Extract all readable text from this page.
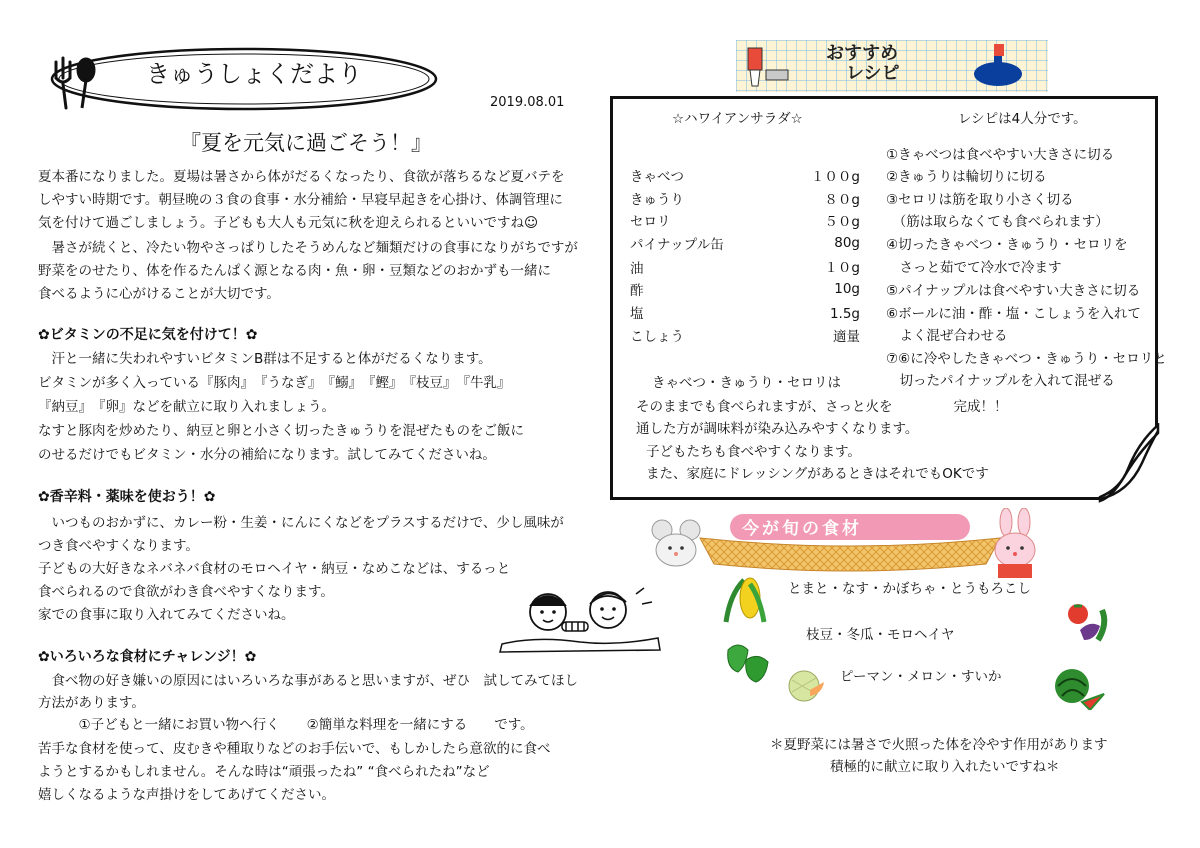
きゅうしょくだより
2019.08.01
『夏を元気に過ごそう！』
夏本番になりました。夏場は暑さから体がだるくなったり、食欲が落ちるなど夏バテを
しやすい時期です。朝昼晩の３食の食事・水分補給・早寝早起きを心掛け、体調管理に
気を付けて過ごしましょう。子どもも大人も元気に秋を迎えられるといいですね☺
　暑さが続くと、冷たい物やさっぱりしたそうめんなど麺類だけの食事になりがちですが
野菜をのせたり、体を作るたんぱく源となる肉・魚・卵・豆類などのおかずも一緒に
食べるように心がけることが大切です。
✿ビタミンの不足に気を付けて！✿
　汗と一緒に失われやすいビタミンB群は不足すると体がだるくなります。
ビタミンが多く入っている『豚肉』　『うなぎ』　『鰯』　『鰹』　『枝豆』　『牛乳』
『納豆』　『卵』などを献立に取り入れましょう。
なすと豚肉を炒めたり、納豆と卵と小さく切ったきゅうりを混ぜたものをご飯に
のせるだけでもビタミン・水分の補給になります。試してみてくださいね。
✿香辛料・薬味を使おう！✿
　いつものおかずに、カレー粉・生姜・にんにくなどをプラスするだけで、少し風味が
つき食べやすくなります。
子どもの大好きなネバネバ食材のモロヘイヤ・納豆・なめこなどは、するっと
食べられるので食欲がわき食べやすくなります。
家での食事に取り入れてみてくださいね。
✿いろいろな食材にチャレンジ！✿
　食べ物の好き嫌いの原因にはいろいろな事があると思いますが、ぜひ　試してみてほし
方法があります。
　　　①子どもと一緒にお買い物へ行く　　②簡単な料理を一緒にする　　です。
苦手な食材を使って、皮むきや種取りなどのお手伝いで、もしかしたら意欲的に食べ
ようとするかもしれません。そんな時は“頑張ったね” “食べられたね”など
嬉しくなるような声掛けをしてあげてください。
おすすめ
レシピ
☆ハワイアンサラダ☆	レシピは4人分です。
きゃべつ	１００g
きゅうり	８０g
セロリ	５０g
パイナップル缶	80g
油	１０g
酢	10g
塩	1.5g
こしょう	適量
①きゃべつは食べやすい大きさに切る
②きゅうりは輪切りに切る
③セロリは筋を取り小さく切る
　（筋は取らなくても食べられます）
④切ったきゃべつ・きゅうり・セロリを
　さっと茹でて冷水で冷ます
⑤パイナップルは食べやすい大きさに切る
⑥ボールに油・酢・塩・こしょうを入れて
　よく混ぜ合わせる
⑦⑥に冷やしたきゃべつ・きゅうり・セロリと
　切ったパイナップルを入れて混ぜる
　　　　　完成！！
きゃべつ・きゅうり・セロリは
そのままでも食べられますが、さっと火を
通した方が調味料が染み込みやすくなります。
子どもたちも食べやすくなります。
また、家庭にドレッシングがあるときはそれでもOKです
今が旬の食材
とまと・なす・かぼちゃ・とうもろこし
枝豆・冬瓜・モロヘイヤ
ピーマン・メロン・すいか
＊夏野菜には暑さで火照った体を冷やす作用があります
積極的に献立に取り入れたいですね＊
